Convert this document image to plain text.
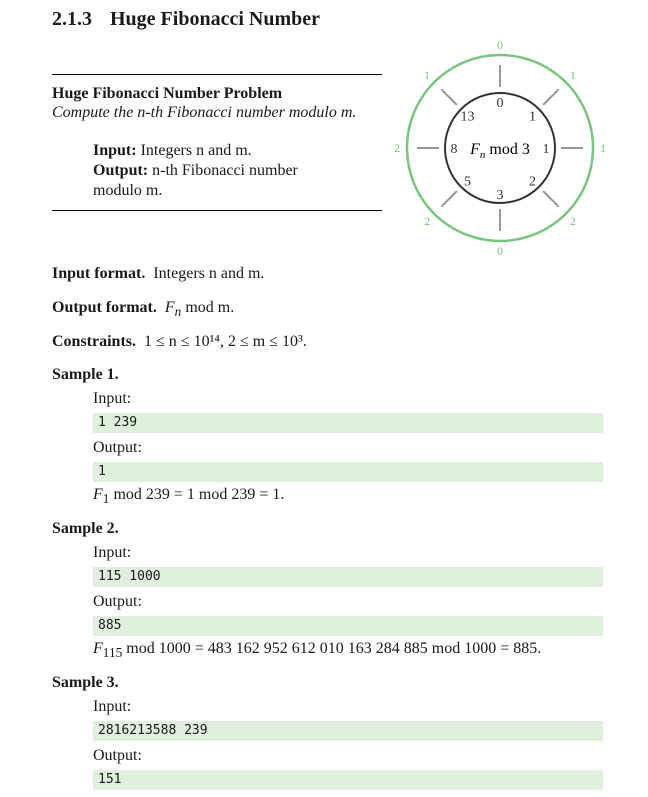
2.1.3 Huge Fibonacci Number
Huge Fibonacci Number Problem
Compute the n-th Fibonacci number modulo m.
Input: Integers n and m.
Output: n-th Fibonacci number
modulo m.
0
1
1
2
3
5
8
13
0
1
1
2
0
2
2
1
$F_n$ mod 3
Input format. Integers n and m.
Output format. $F_n$ mod m.
Constraints. 1 ≤ n ≤ 10¹⁴, 2 ≤ m ≤ 10³.
Sample 1.
Input:
1 239
Output:
1
$F_1$ mod 239 = 1 mod 239 = 1.
Sample 2.
Input:
115 1000
Output:
885
$F_{115}$ mod 1000 = 483 162 952 612 010 163 284 885 mod 1000 = 885.
Sample 3.
Input:
2816213588 239
Output:
151
